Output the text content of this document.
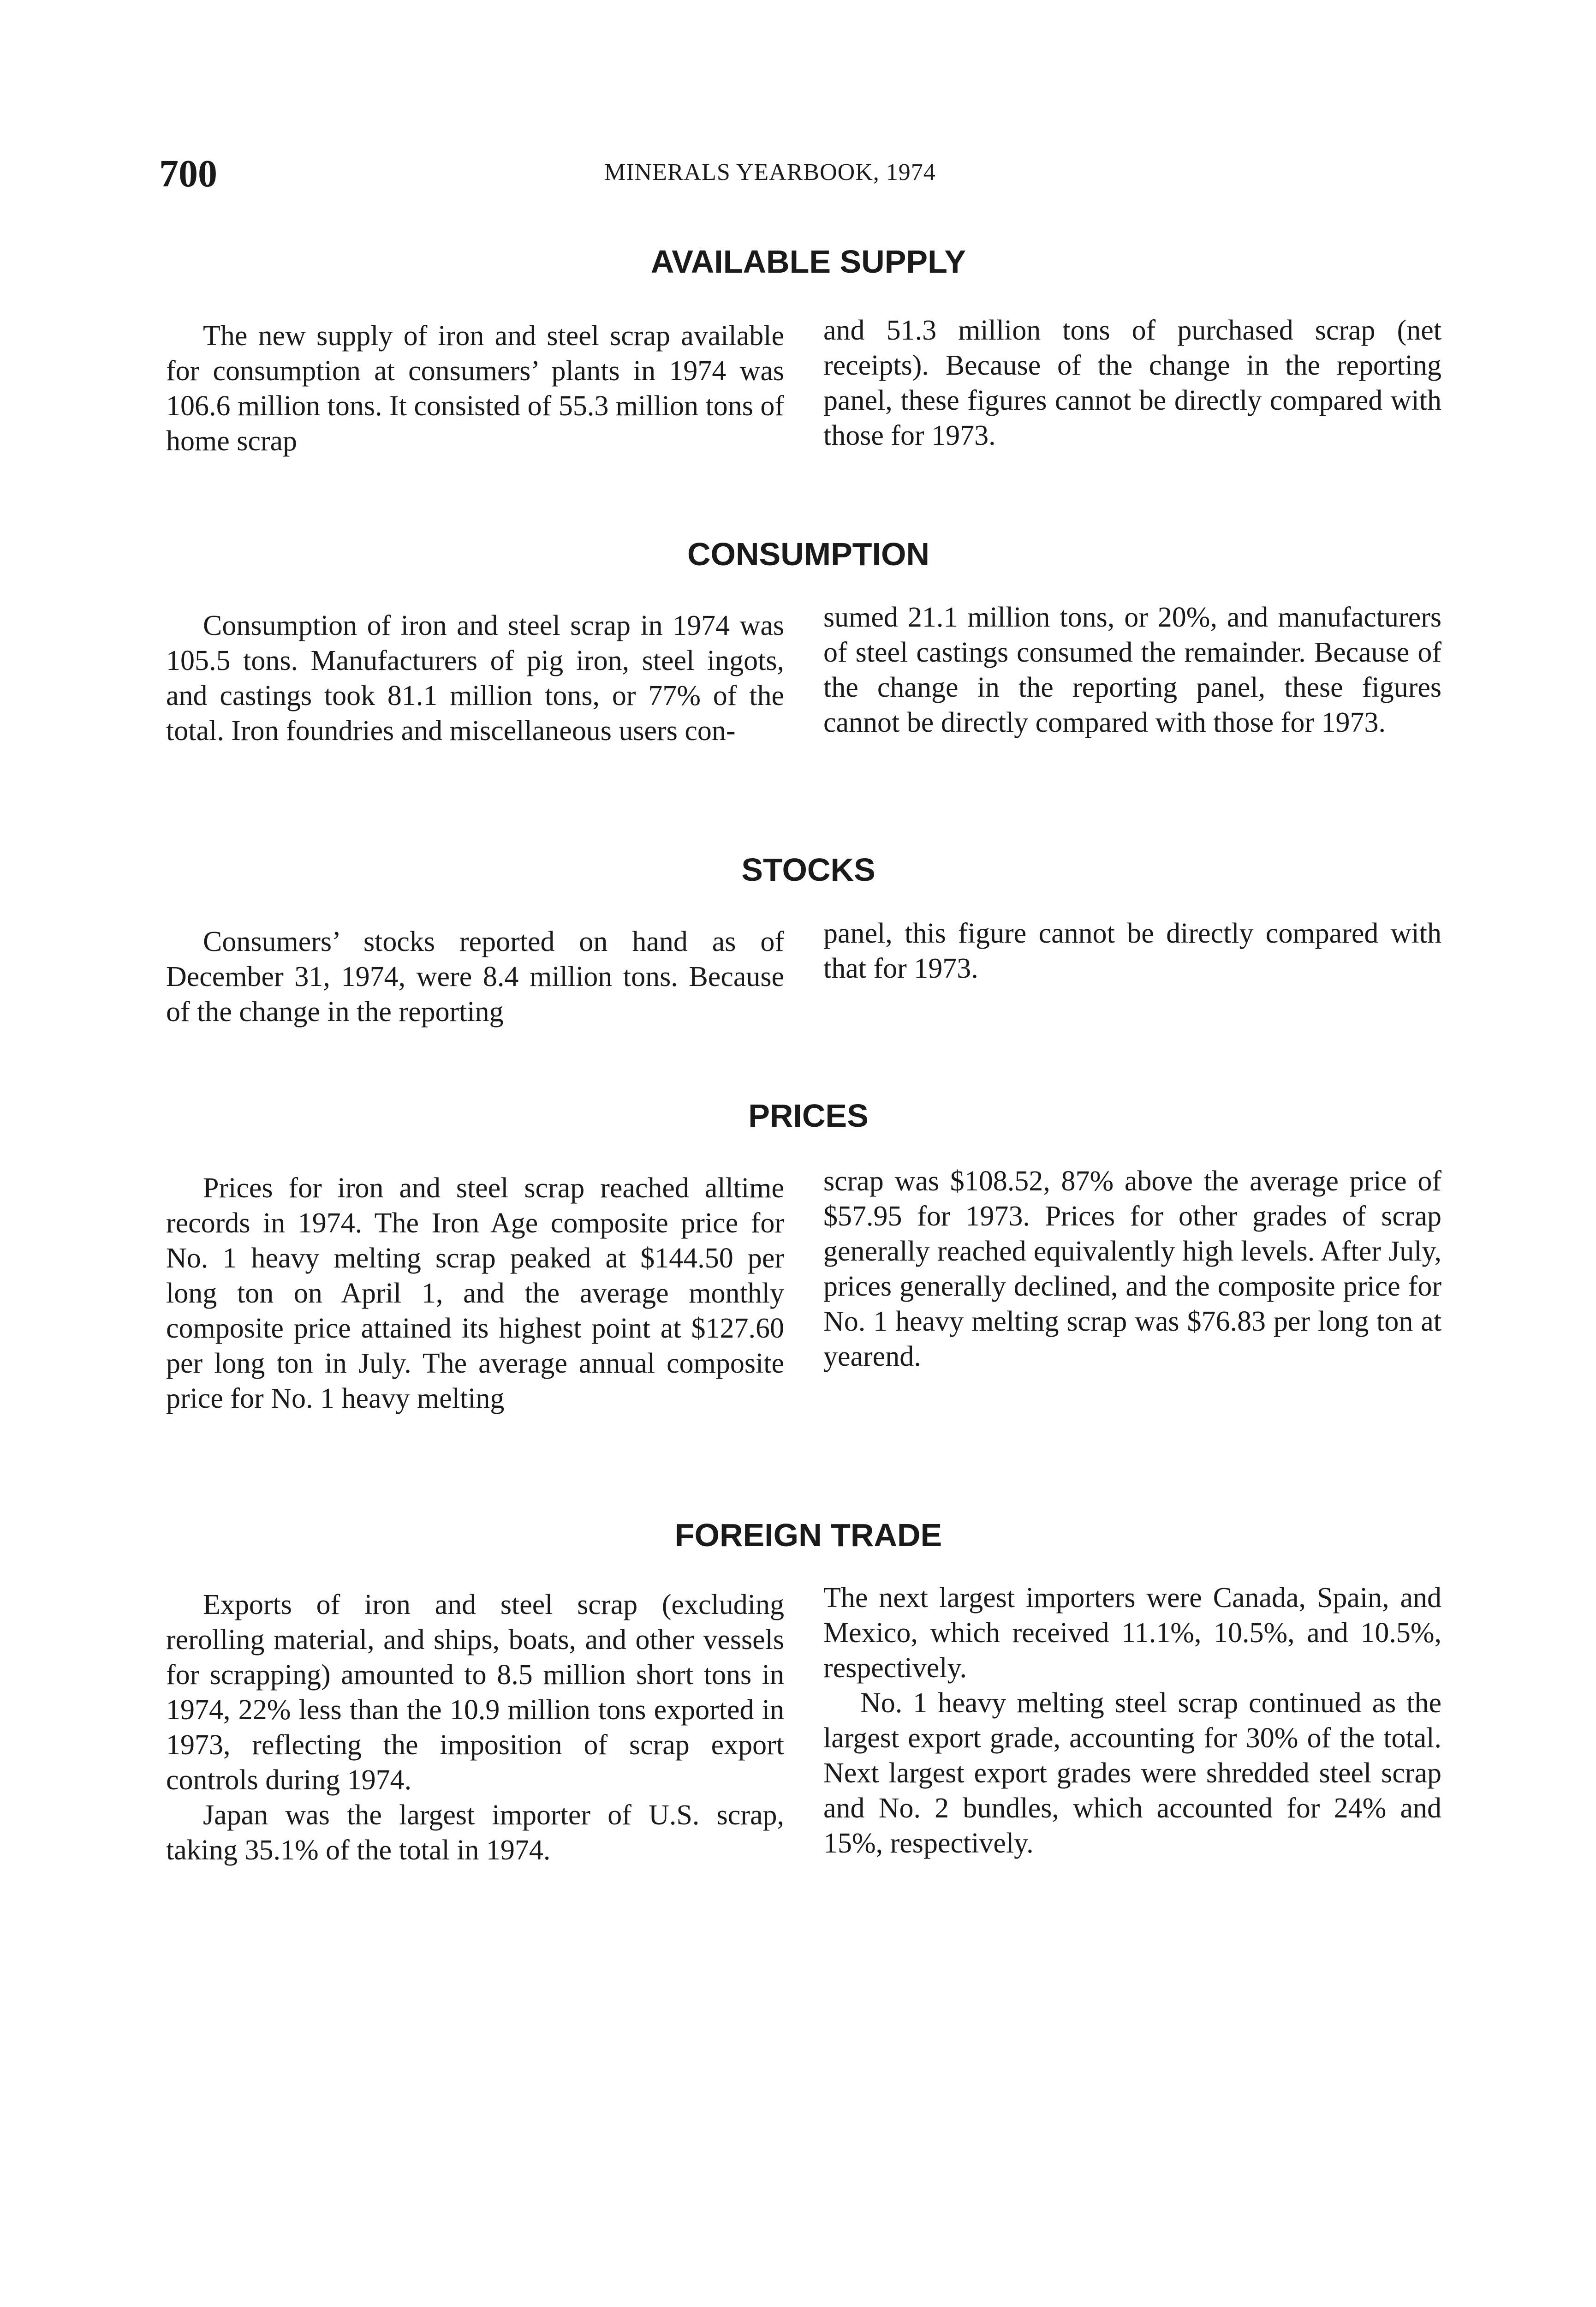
700	MINERALS YEARBOOK, 1974
AVAILABLE SUPPLY

The new supply of iron and steel scrap available for consumption at consumers’ plants in 1974 was 106.6 million tons. It consisted of 55.3 million tons of home scrap

and 51.3 million tons of purchased scrap (net receipts). Because of the change in the reporting panel, these figures cannot be directly compared with those for 1973.

CONSUMPTION

Consumption of iron and steel scrap in 1974 was 105.5 tons. Manufacturers of pig iron, steel ingots, and castings took 81.1 million tons, or 77% of the total. Iron foundries and miscellaneous users con-

sumed 21.1 million tons, or 20%, and manufacturers of steel castings consumed the remainder. Because of the change in the reporting panel, these figures cannot be directly compared with those for 1973.

STOCKS

Consumers’ stocks reported on hand as of December 31, 1974, were 8.4 million tons. Because of the change in the reporting

panel, this figure cannot be directly compared with that for 1973.

PRICES

Prices for iron and steel scrap reached alltime records in 1974. The Iron Age composite price for No. 1 heavy melting scrap peaked at $144.50 per long ton on April 1, and the average monthly composite price attained its highest point at $127.60 per long ton in July. The average annual composite price for No. 1 heavy melting

scrap was $108.52, 87% above the average price of $57.95 for 1973. Prices for other grades of scrap generally reached equivalently high levels. After July, prices generally declined, and the composite price for No. 1 heavy melting scrap was $76.83 per long ton at yearend.

FOREIGN TRADE

Exports of iron and steel scrap (excluding rerolling material, and ships, boats, and other vessels for scrapping) amounted to 8.5 million short tons in 1974, 22% less than the 10.9 million tons exported in 1973, reflecting the imposition of scrap export controls during 1974.

Japan was the largest importer of U.S. scrap, taking 35.1% of the total in 1974.

The next largest importers were Canada, Spain, and Mexico, which received 11.1%, 10.5%, and 10.5%, respectively.

No. 1 heavy melting steel scrap continued as the largest export grade, accounting for 30% of the total. Next largest export grades were shredded steel scrap and No. 2 bundles, which accounted for 24% and 15%, respectively.
